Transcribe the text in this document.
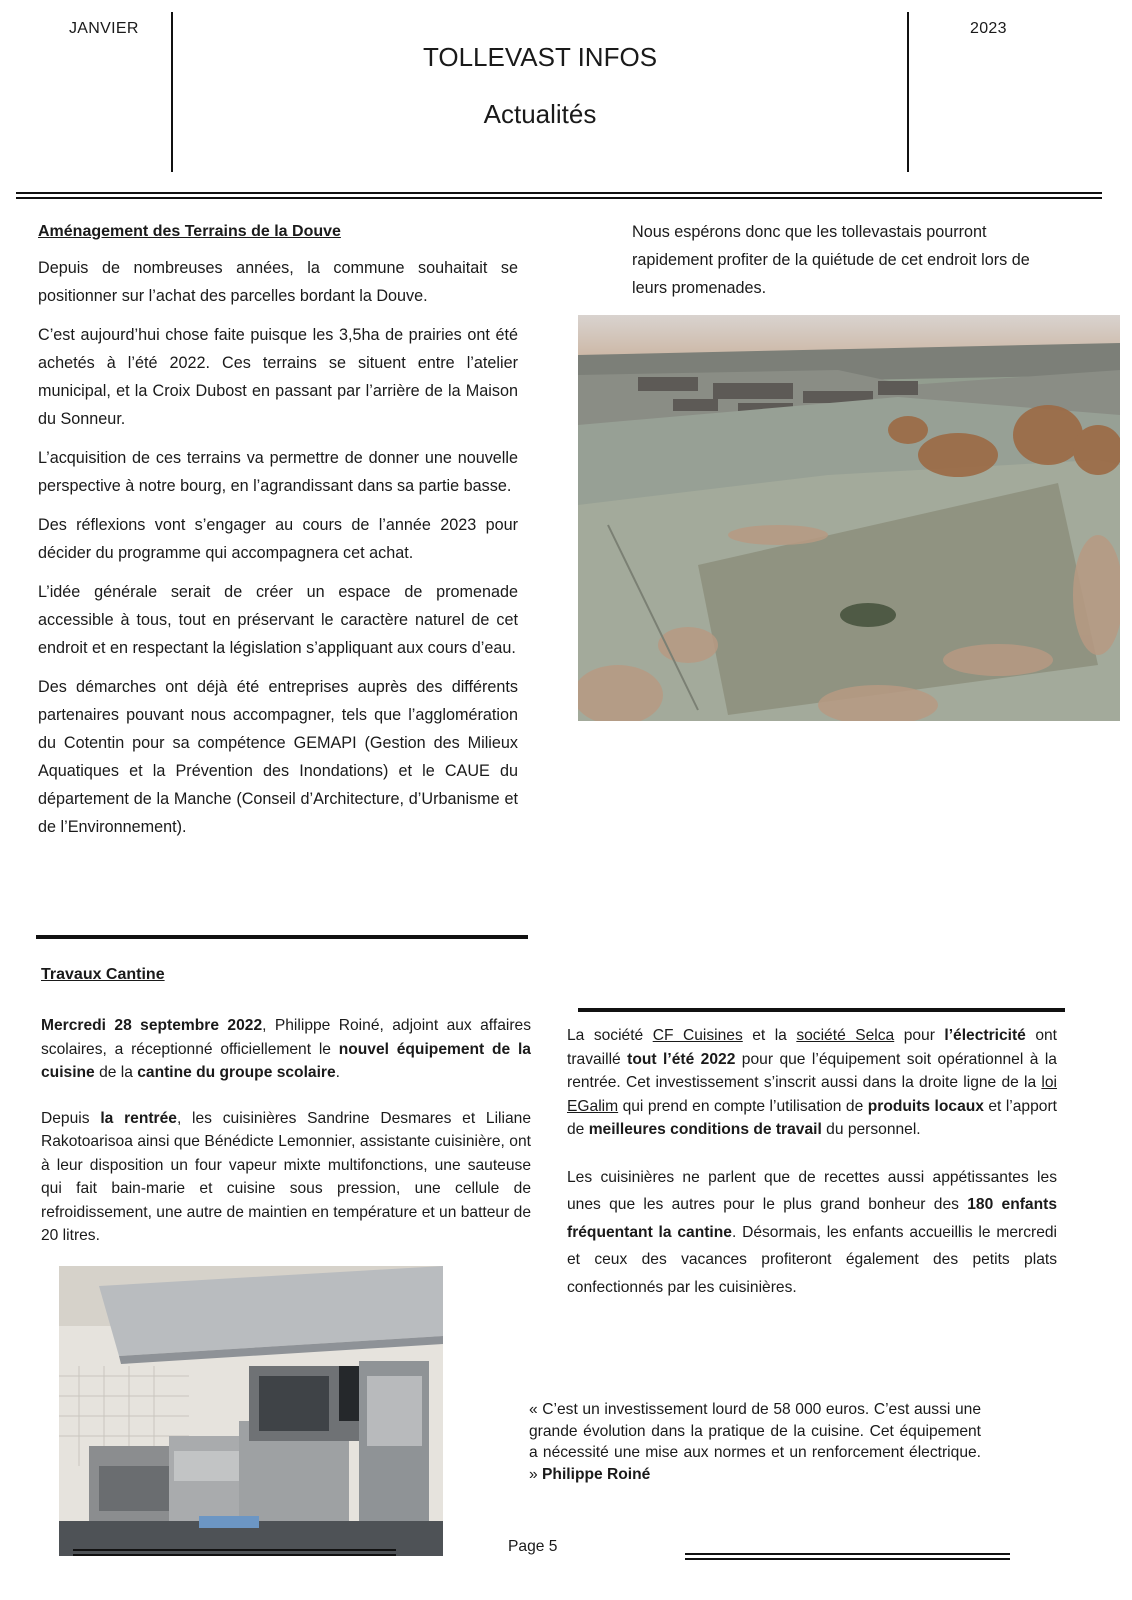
JANVIER	2023
TOLLEVAST INFOS
Actualités
Aménagement des Terrains de la Douve

Depuis de nombreuses années, la commune souhaitait se positionner sur l’achat des parcelles bordant la Douve.

C’est aujourd’hui chose faite puisque les 3,5ha de prairies ont été achetés à l’été 2022. Ces terrains se situent entre l’atelier municipal, et la Croix Dubost en passant par l’arrière de la Maison du Sonneur.

L’acquisition de ces terrains va permettre de donner une nouvelle perspective à notre bourg, en l’agrandissant dans sa partie basse.

Des réflexions vont s’engager au cours de l’année 2023 pour décider du programme qui accompagnera cet achat.

L’idée générale serait de créer un espace de promenade accessible à tous, tout en préservant le caractère naturel de cet endroit et en respectant la législation s’appliquant aux cours d’eau.

Des démarches ont déjà été entreprises auprès des différents partenaires pouvant nous accompagner, tels que l’agglomération du Cotentin pour sa compétence GEMAPI (Gestion des Milieux Aquatiques et la Prévention des Inondations) et le CAUE du département de la Manche (Conseil d’Architecture, d’Urbanisme et de l’Environnement).

Nous espérons donc que les tollevastais pourront rapidement profiter de la quiétude de cet endroit lors de leurs promenades.
Travaux Cantine

Mercredi 28 septembre 2022, Philippe Roiné, adjoint aux affaires scolaires, a réceptionné officiellement le nouvel équipement de la cuisine de la cantine du groupe scolaire.

Depuis la rentrée, les cuisinières Sandrine Desmares et Liliane Rakotoarisoa ainsi que Bénédicte Lemonnier, assistante cuisinière, ont à leur disposition un four vapeur mixte multifonctions, une sauteuse qui fait bain-marie et cuisine sous pression, une cellule de refroidissement, une autre de maintien en température et un batteur de 20 litres.

La société CF Cuisines et la société Selca pour l’électricité ont travaillé tout l’été 2022 pour que l’équipement soit opérationnel à la rentrée. Cet investissement s’inscrit aussi dans la droite ligne de la loi EGalim qui prend en compte l’utilisation de produits locaux et l’apport de meilleures conditions de travail du personnel.

Les cuisinières ne parlent que de recettes aussi appétissantes les unes que les autres pour le plus grand bonheur des 180 enfants fréquentant la cantine. Désormais, les enfants accueillis le mercredi et ceux des vacances profiteront également des petits plats confectionnés par les cuisinières.

« C’est un investissement lourd de 58 000 euros. C’est aussi une grande évolution dans la pratique de la cuisine. Cet équipement a nécessité une mise aux normes et un renforcement électrique. » Philippe Roiné
Page 5
